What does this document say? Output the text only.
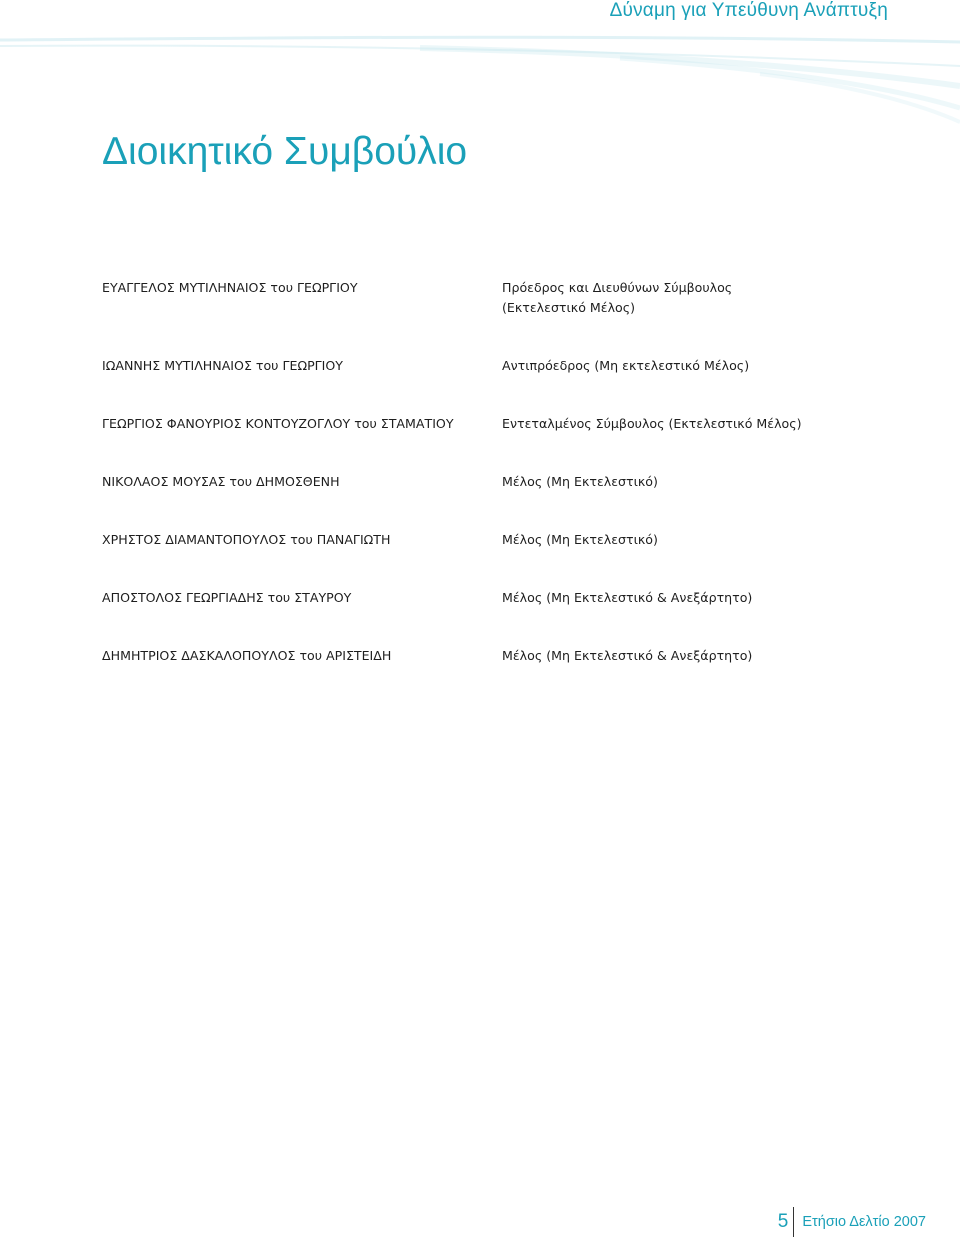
Δύναμη για Υπεύθυνη Ανάπτυξη
Διοικητικό Συμβούλιο
ΕΥΑΓΓΕΛΟΣ ΜΥΤΙΛΗΝΑΙΟΣ του ΓΕΩΡΓΙΟΥ	Πρόεδρος και Διευθύνων Σύμβουλος
(Εκτελεστικό Μέλος)
ΙΩΑΝΝΗΣ ΜΥΤΙΛΗΝΑΙΟΣ του ΓΕΩΡΓΙΟΥ	Αντιπρόεδρος (Μη εκτελεστικό Μέλος)
ΓΕΩΡΓΙΟΣ ΦΑΝΟΥΡΙΟΣ ΚΟΝΤΟΥΖΟΓΛΟΥ του ΣΤΑΜΑΤΙΟΥ	Εντεταλμένος Σύμβουλος (Εκτελεστικό Μέλος)
ΝΙΚΟΛΑΟΣ ΜΟΥΣΑΣ του ΔΗΜΟΣΘΕΝΗ	Μέλος (Μη Εκτελεστικό)
ΧΡΗΣΤΟΣ ΔΙΑΜΑΝΤΟΠΟΥΛΟΣ του ΠΑΝΑΓΙΩΤΗ	Μέλος (Μη Εκτελεστικό)
ΑΠΟΣΤΟΛΟΣ ΓΕΩΡΓΙΑΔΗΣ του ΣΤΑΥΡΟΥ	Μέλος (Μη Εκτελεστικό & Ανεξάρτητο)
ΔΗΜΗΤΡΙΟΣ ΔΑΣΚΑΛΟΠΟΥΛΟΣ του ΑΡΙΣΤΕΙΔΗ	Μέλος (Μη Εκτελεστικό & Ανεξάρτητο)
5 Ετήσιο Δελτίο 2007
